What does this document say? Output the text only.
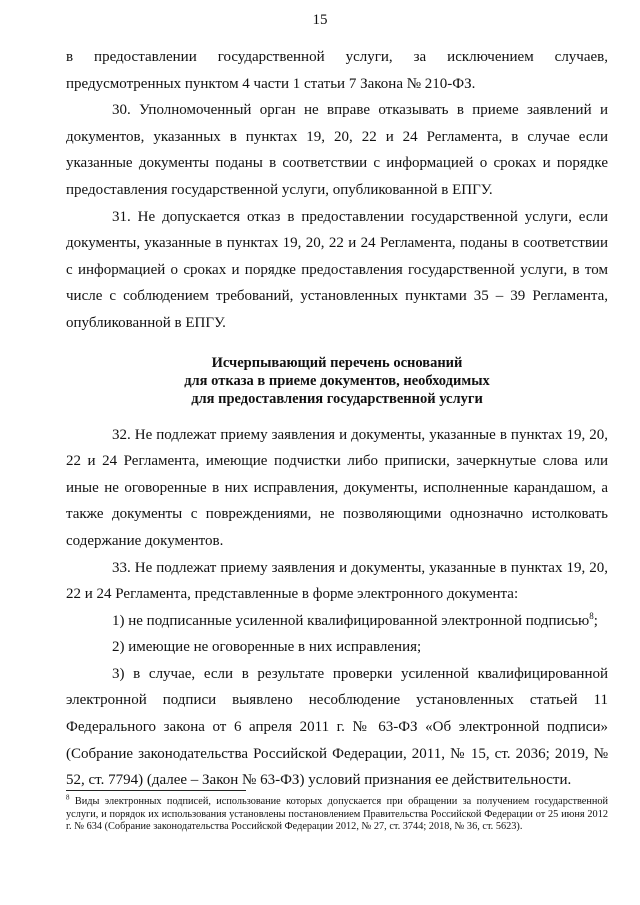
15

в предоставлении государственной услуги, за исключением случаев, предусмотренных пунктом 4 части 1 статьи 7 Закона № 210-ФЗ.

30. Уполномоченный орган не вправе отказывать в приеме заявлений и документов, указанных в пунктах 19, 20, 22 и 24 Регламента, в случае если указанные документы поданы в соответствии с информацией о сроках и порядке предоставления государственной услуги, опубликованной в ЕПГУ.

31. Не допускается отказ в предоставлении государственной услуги, если документы, указанные в пунктах 19, 20, 22 и 24 Регламента, поданы в соответствии с информацией о сроках и порядке предоставления государственной услуги, в том числе с соблюдением требований, установленных пунктами 35 – 39 Регламента, опубликованной в ЕПГУ.

Исчерпывающий перечень оснований
для отказа в приеме документов, необходимых
для предоставления государственной услуги

32. Не подлежат приему заявления и документы, указанные в пунктах 19, 20, 22 и 24 Регламента, имеющие подчистки либо приписки, зачеркнутые слова или иные не оговоренные в них исправления, документы, исполненные карандашом, а также документы с повреждениями, не позволяющими однозначно истолковать содержание документов.

33. Не подлежат приему заявления и документы, указанные в пунктах 19, 20, 22 и 24 Регламента, представленные в форме электронного документа:

1) не подписанные усиленной квалифицированной электронной подписью$^8$;

2) имеющие не оговоренные в них исправления;

3) в случае, если в результате проверки усиленной квалифицированной электронной подписи выявлено несоблюдение установленных статьей 11 Федерального закона от 6 апреля 2011 г. № 63-ФЗ «Об электронной подписи» (Собрание законодательства Российской Федерации, 2011, № 15, ст. 2036; 2019, № 52, ст. 7794) (далее – Закон № 63-ФЗ) условий признания ее действительности.

$^8$ Виды электронных подписей, использование которых допускается при обращении за получением государственной услуги, и порядок их использования установлены постановлением Правительства Российской Федерации от 25 июня 2012 г. № 634 (Собрание законодательства Российской Федерации 2012, № 27, ст. 3744; 2018, № 36, ст. 5623).
